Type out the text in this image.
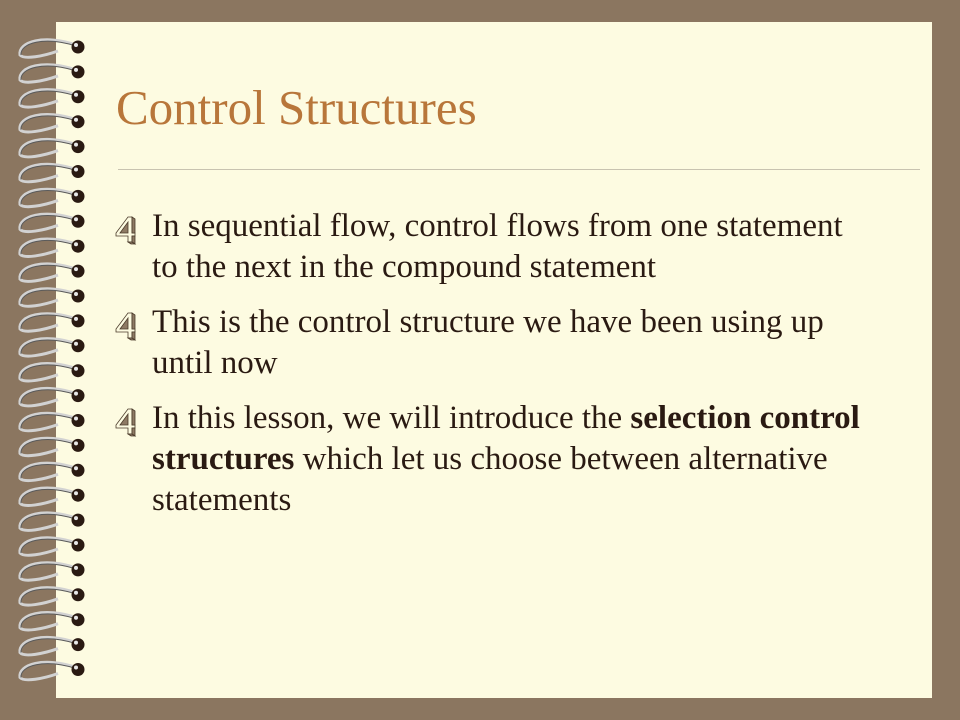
Control Structures
In sequential flow, control flows from one statement to the next in the compound statement
This is the control structure we have been using up until now
In this lesson, we will introduce the selection control structures which let us choose between alternative statements
